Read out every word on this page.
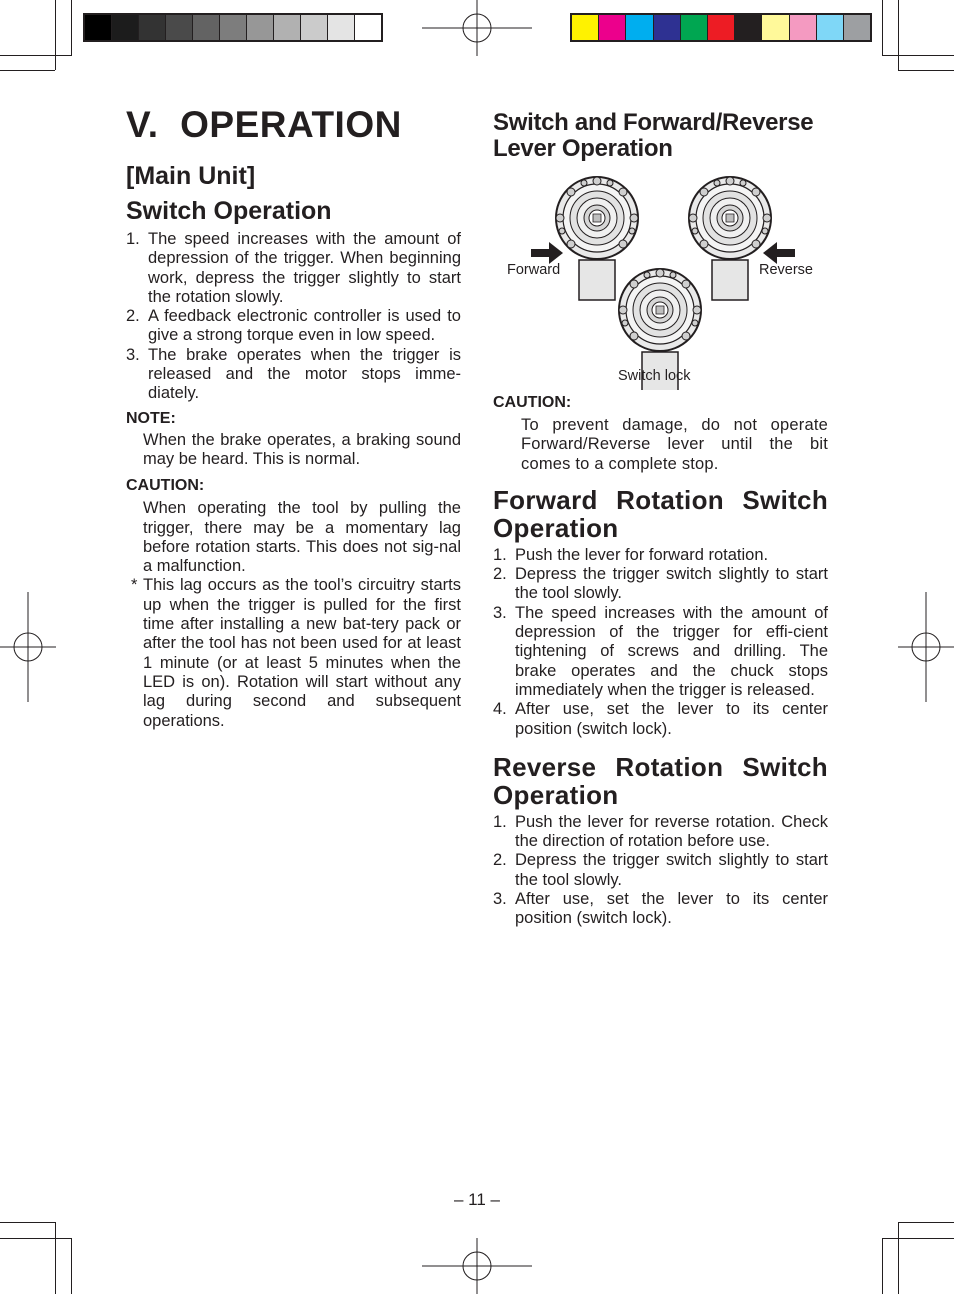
V.  OPERATION
[Main Unit]
Switch Operation
1. The speed increases with the amount of depression of the trigger. When beginning work, depress the trigger slightly to start the rotation slowly.
2. A feedback electronic controller is used to give a strong torque even in low speed.
3. The brake operates when the trigger is released and the motor stops imme-diately.
NOTE:
When the brake operates, a braking sound may be heard. This is normal.
CAUTION:
When operating the tool by pulling the trigger, there may be a momentary lag before rotation starts. This does not sig-nal a malfunction.
* This lag occurs as the tool’s circuitry starts up when the trigger is pulled for the first time after installing a new bat-tery pack or after the tool has not been used for at least 1 minute (or at least 5 minutes when the LED is on). Rotation will start without any lag during second and subsequent operations.
Switch and Forward/Reverse
Lever Operation
Forward	Reverse
Switch lock
CAUTION:
To prevent damage, do not operate Forward/Reverse lever until the bit comes to a complete stop.
Forward Rotation Switch
Operation
1. Push the lever for forward rotation.
2. Depress the trigger switch slightly to start the tool slowly.
3. The speed increases with the amount of depression of the trigger for effi-cient tightening of screws and drilling. The brake operates and the chuck stops immediately when the trigger is released.
4. After use, set the lever to its center position (switch lock).
Reverse Rotation Switch
Operation
1. Push the lever for reverse rotation. Check the direction of rotation before use.
2. Depress the trigger switch slightly to start the tool slowly.
3. After use, set the lever to its center position (switch lock).
– 11 –
